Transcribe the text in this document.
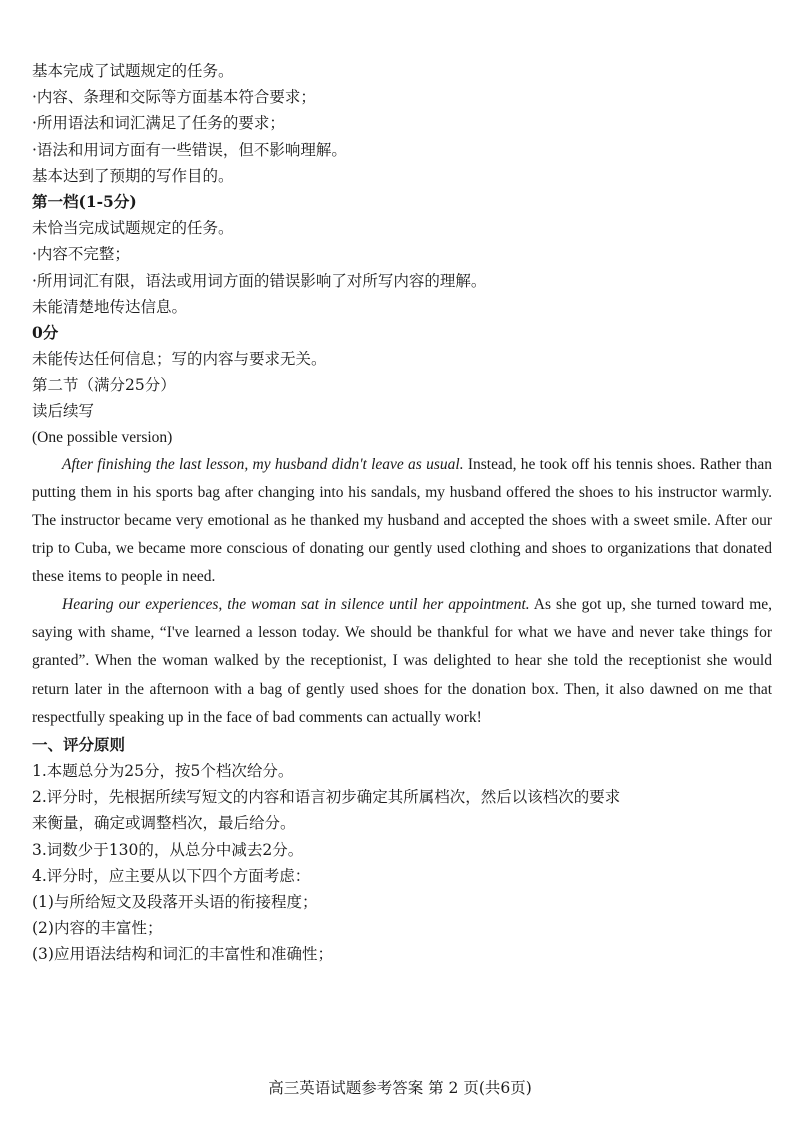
基本完成了试题规定的任务。
·内容、条理和交际等方面基本符合要求；
·所用语法和词汇满足了任务的要求；
·语法和用词方面有一些错误，但不影响理解。
基本达到了预期的写作目的。
第一档(1-5分)
未恰当完成试题规定的任务。
·内容不完整；
·所用词汇有限，语法或用词方面的错误影响了对所写内容的理解。
未能清楚地传达信息。
0分
未能传达任何信息；写的内容与要求无关。
第二节（满分25分）
读后续写
(One possible version)

After finishing the last lesson, my husband didn't leave as usual. Instead, he took off his tennis shoes. Rather than putting them in his sports bag after changing into his sandals, my husband offered the shoes to his instructor warmly. The instructor became very emotional as he thanked my husband and accepted the shoes with a sweet smile. After our trip to Cuba, we became more conscious of donating our gently used clothing and shoes to organizations that donated these items to people in need.

Hearing our experiences, the woman sat in silence until her appointment. As she got up, she turned toward me, saying with shame, “I've learned a lesson today. We should be thankful for what we have and never take things for granted”. When the woman walked by the receptionist, I was delighted to hear she told the receptionist she would return later in the afternoon with a bag of gently used shoes for the donation box. Then, it also dawned on me that respectfully speaking up in the face of bad comments can actually work!

一、评分原则
1.本题总分为25分，按5个档次给分。
2.评分时，先根据所续写短文的内容和语言初步确定其所属档次，然后以该档次的要求
来衡量，确定或调整档次，最后给分。
3.词数少于130的，从总分中减去2分。
4.评分时，应主要从以下四个方面考虑：
(1)与所给短文及段落开头语的衔接程度；
(2)内容的丰富性；
(3)应用语法结构和词汇的丰富性和准确性；
高三英语试题参考答案 第 2 页(共6页)
